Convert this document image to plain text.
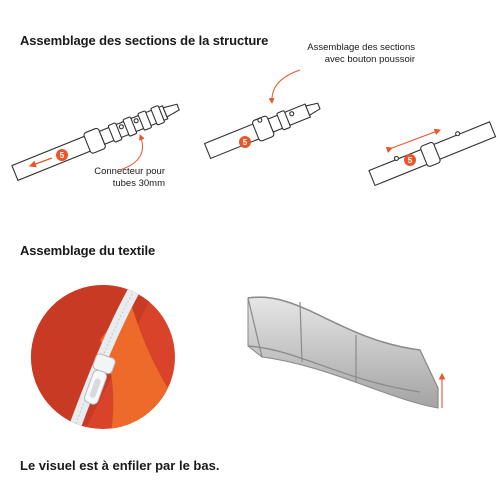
Assemblage des sections de la structure	Assemblage des sections
avec bouton poussoir
Connecteur pour
tubes 30mm
Assemblage du textile

Le visuel est à enfiler par le bas.

5
5
5
